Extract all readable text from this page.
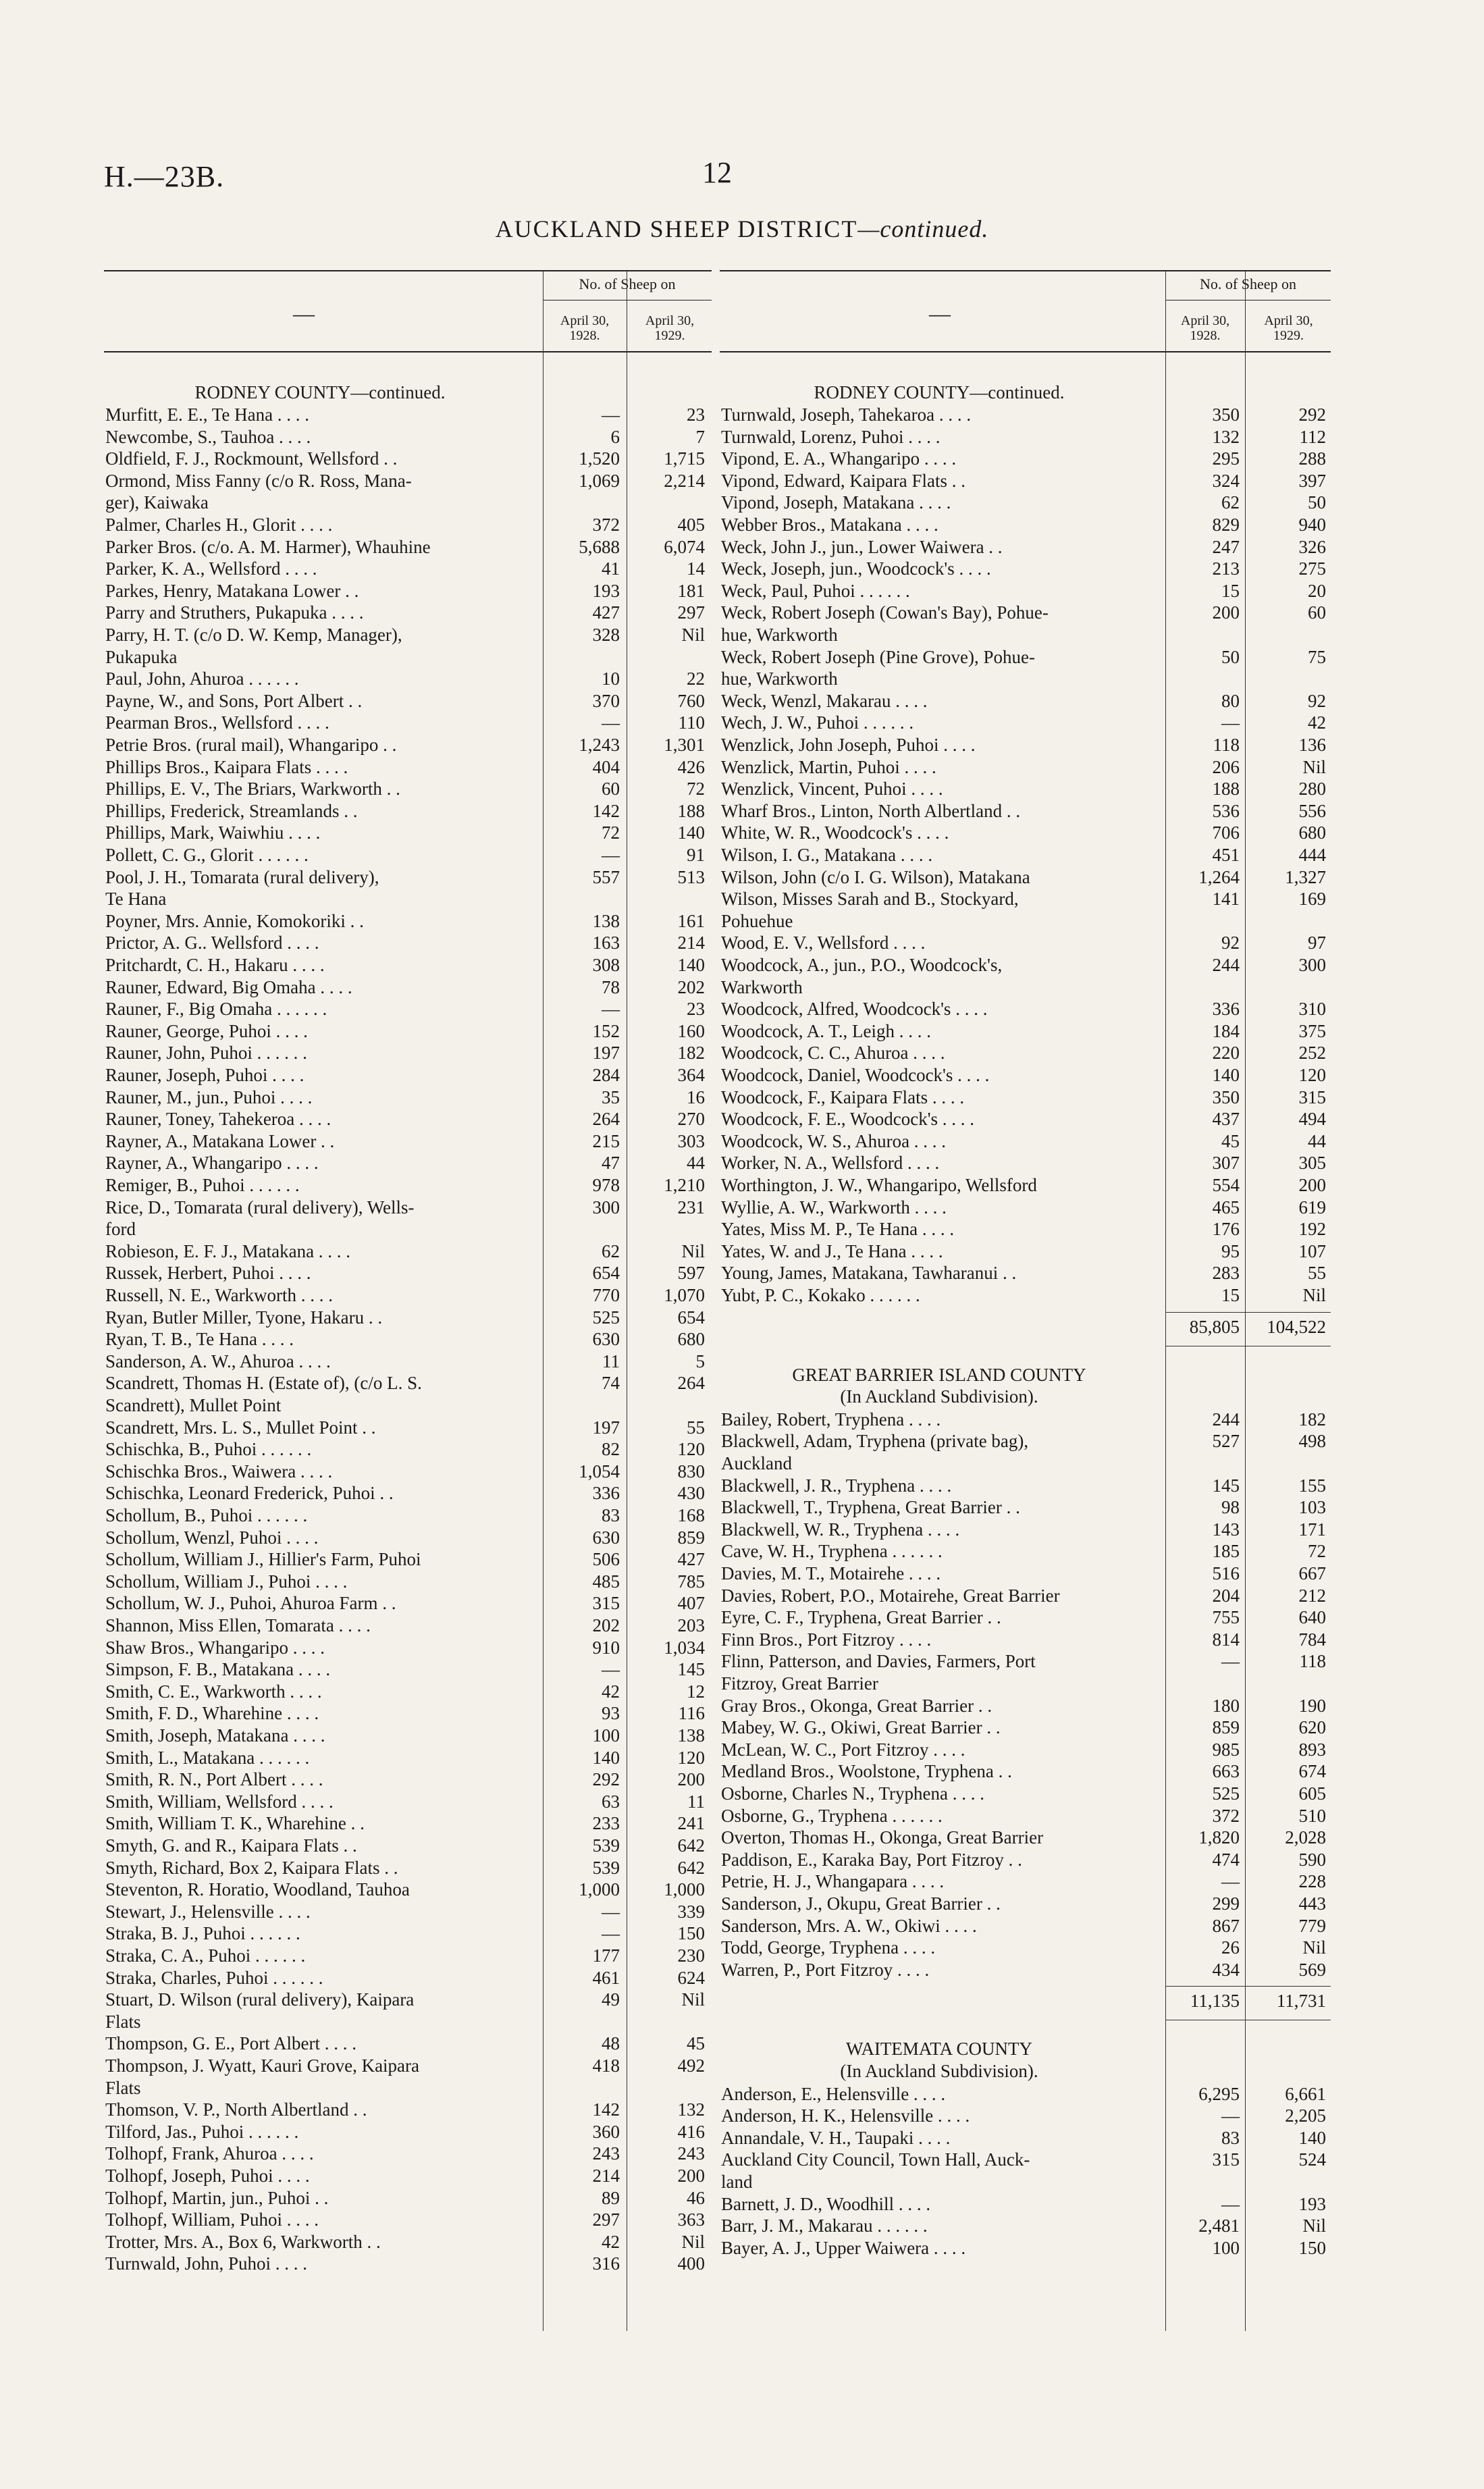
H.—23B.	12
AUCKLAND SHEEP DISTRICT—continued.
—
No. of Sheep on
April 30,
1928.
April 30,
1929.
RODNEY COUNTY—continued.
Murfitt, E. E., Te Hana . . . .	—	23
Newcombe, S., Tauhoa . . . .	6	7
Oldfield, F. J., Rockmount, Wellsford . .	1,520	1,715
Ormond, Miss Fanny (c/o R. Ross, Mana-	1,069	2,214
ger), Kaiwaka
Palmer, Charles H., Glorit . . . .	372	405
Parker Bros. (c/o. A. M. Harmer), Whauhine	5,688	6,074
Parker, K. A., Wellsford . . . .	41	14
Parkes, Henry, Matakana Lower . .	193	181
Parry and Struthers, Pukapuka . . . .	427	297
Parry, H. T. (c/o D. W. Kemp, Manager),	328	Nil
Pukapuka
Paul, John, Ahuroa . . . . . .	10	22
Payne, W., and Sons, Port Albert . .	370	760
Pearman Bros., Wellsford . . . .	—	110
Petrie Bros. (rural mail), Whangaripo . .	1,243	1,301
Phillips Bros., Kaipara Flats . . . .	404	426
Phillips, E. V., The Briars, Warkworth . .	60	72
Phillips, Frederick, Streamlands . .	142	188
Phillips, Mark, Waiwhiu . . . .	72	140
Pollett, C. G., Glorit . . . . . .	—	91
Pool, J. H., Tomarata (rural delivery),	557	513
Te Hana
Poyner, Mrs. Annie, Komokoriki . .	138	161
Prictor, A. G.. Wellsford . . . .	163	214
Pritchardt, C. H., Hakaru . . . .	308	140
Rauner, Edward, Big Omaha . . . .	78	202
Rauner, F., Big Omaha . . . . . .	—	23
Rauner, George, Puhoi . . . .	152	160
Rauner, John, Puhoi . . . . . .	197	182
Rauner, Joseph, Puhoi . . . .	284	364
Rauner, M., jun., Puhoi . . . .	35	16
Rauner, Toney, Tahekeroa . . . .	264	270
Rayner, A., Matakana Lower . .	215	303
Rayner, A., Whangaripo . . . .	47	44
Remiger, B., Puhoi . . . . . .	978	1,210
Rice, D., Tomarata (rural delivery), Wells-	300	231
ford
Robieson, E. F. J., Matakana . . . .	62	Nil
Russek, Herbert, Puhoi . . . .	654	597
Russell, N. E., Warkworth . . . .	770	1,070
Ryan, Butler Miller, Tyone, Hakaru . .	525	654
Ryan, T. B., Te Hana . . . .	630	680
Sanderson, A. W., Ahuroa . . . .	11	5
Scandrett, Thomas H. (Estate of), (c/o L. S.	74	264
Scandrett), Mullet Point
Scandrett, Mrs. L. S., Mullet Point . .	197	55
Schischka, B., Puhoi . . . . . .	82	120
Schischka Bros., Waiwera . . . .	1,054	830
Schischka, Leonard Frederick, Puhoi . .	336	430
Schollum, B., Puhoi . . . . . .	83	168
Schollum, Wenzl, Puhoi . . . .	630	859
Schollum, William J., Hillier's Farm, Puhoi	506	427
Schollum, William J., Puhoi . . . .	485	785
Schollum, W. J., Puhoi, Ahuroa Farm . .	315	407
Shannon, Miss Ellen, Tomarata . . . .	202	203
Shaw Bros., Whangaripo . . . .	910	1,034
Simpson, F. B., Matakana . . . .	—	145
Smith, C. E., Warkworth . . . .	42	12
Smith, F. D., Wharehine . . . .	93	116
Smith, Joseph, Matakana . . . .	100	138
Smith, L., Matakana . . . . . .	140	120
Smith, R. N., Port Albert . . . .	292	200
Smith, William, Wellsford . . . .	63	11
Smith, William T. K., Wharehine . .	233	241
Smyth, G. and R., Kaipara Flats . .	539	642
Smyth, Richard, Box 2, Kaipara Flats . .	539	642
Steventon, R. Horatio, Woodland, Tauhoa	1,000	1,000
Stewart, J., Helensville . . . .	—	339
Straka, B. J., Puhoi . . . . . .	—	150
Straka, C. A., Puhoi . . . . . .	177	230
Straka, Charles, Puhoi . . . . . .	461	624
Stuart, D. Wilson (rural delivery), Kaipara	49	Nil
Flats
Thompson, G. E., Port Albert . . . .	48	45
Thompson, J. Wyatt, Kauri Grove, Kaipara	418	492
Flats
Thomson, V. P., North Albertland . .	142	132
Tilford, Jas., Puhoi . . . . . .	360	416
Tolhopf, Frank, Ahuroa . . . .	243	243
Tolhopf, Joseph, Puhoi . . . .	214	200
Tolhopf, Martin, jun., Puhoi . .	89	46
Tolhopf, William, Puhoi . . . .	297	363
Trotter, Mrs. A., Box 6, Warkworth . .	42	Nil
Turnwald, John, Puhoi . . . .	316	400
—
No. of Sheep on
April 30,
1928.
April 30,
1929.
RODNEY COUNTY—continued.
Turnwald, Joseph, Tahekaroa . . . .	350	292
Turnwald, Lorenz, Puhoi . . . .	132	112
Vipond, E. A., Whangaripo . . . .	295	288
Vipond, Edward, Kaipara Flats . .	324	397
Vipond, Joseph, Matakana . . . .	62	50
Webber Bros., Matakana . . . .	829	940
Weck, John J., jun., Lower Waiwera . .	247	326
Weck, Joseph, jun., Woodcock's . . . .	213	275
Weck, Paul, Puhoi . . . . . .	15	20
Weck, Robert Joseph (Cowan's Bay), Pohue-	200	60
hue, Warkworth
Weck, Robert Joseph (Pine Grove), Pohue-	50	75
hue, Warkworth
Weck, Wenzl, Makarau . . . .	80	92
Wech, J. W., Puhoi . . . . . .	—	42
Wenzlick, John Joseph, Puhoi . . . .	118	136
Wenzlick, Martin, Puhoi . . . .	206	Nil
Wenzlick, Vincent, Puhoi . . . .	188	280
Wharf Bros., Linton, North Albertland . .	536	556
White, W. R., Woodcock's . . . .	706	680
Wilson, I. G., Matakana . . . .	451	444
Wilson, John (c/o I. G. Wilson), Matakana	1,264	1,327
Wilson, Misses Sarah and B., Stockyard,	141	169
Pohuehue
Wood, E. V., Wellsford . . . .	92	97
Woodcock, A., jun., P.O., Woodcock's,	244	300
Warkworth
Woodcock, Alfred, Woodcock's . . . .	336	310
Woodcock, A. T., Leigh . . . .	184	375
Woodcock, C. C., Ahuroa . . . .	220	252
Woodcock, Daniel, Woodcock's . . . .	140	120
Woodcock, F., Kaipara Flats . . . .	350	315
Woodcock, F. E., Woodcock's . . . .	437	494
Woodcock, W. S., Ahuroa . . . .	45	44
Worker, N. A., Wellsford . . . .	307	305
Worthington, J. W., Whangaripo, Wellsford	554	200
Wyllie, A. W., Warkworth . . . .	465	619
Yates, Miss M. P., Te Hana . . . .	176	192
Yates, W. and J., Te Hana . . . .	95	107
Young, James, Matakana, Tawharanui . .	283	55
Yubt, P. C., Kokako . . . . . .	15	Nil
85,805	104,522
GREAT BARRIER ISLAND COUNTY
(In Auckland Subdivision).
Bailey, Robert, Tryphena . . . .	244	182
Blackwell, Adam, Tryphena (private bag),	527	498
Auckland
Blackwell, J. R., Tryphena . . . .	145	155
Blackwell, T., Tryphena, Great Barrier . .	98	103
Blackwell, W. R., Tryphena . . . .	143	171
Cave, W. H., Tryphena . . . . . .	185	72
Davies, M. T., Motairehe . . . .	516	667
Davies, Robert, P.O., Motairehe, Great Barrier	204	212
Eyre, C. F., Tryphena, Great Barrier . .	755	640
Finn Bros., Port Fitzroy . . . .	814	784
Flinn, Patterson, and Davies, Farmers, Port	—	118
Fitzroy, Great Barrier
Gray Bros., Okonga, Great Barrier . .	180	190
Mabey, W. G., Okiwi, Great Barrier . .	859	620
McLean, W. C., Port Fitzroy . . . .	985	893
Medland Bros., Woolstone, Tryphena . .	663	674
Osborne, Charles N., Tryphena . . . .	525	605
Osborne, G., Tryphena . . . . . .	372	510
Overton, Thomas H., Okonga, Great Barrier	1,820	2,028
Paddison, E., Karaka Bay, Port Fitzroy . .	474	590
Petrie, H. J., Whangapara . . . .	—	228
Sanderson, J., Okupu, Great Barrier . .	299	443
Sanderson, Mrs. A. W., Okiwi . . . .	867	779
Todd, George, Tryphena . . . .	26	Nil
Warren, P., Port Fitzroy . . . .	434	569
11,135	11,731
WAITEMATA COUNTY
(In Auckland Subdivision).
Anderson, E., Helensville . . . .	6,295	6,661
Anderson, H. K., Helensville . . . .	—	2,205
Annandale, V. H., Taupaki . . . .	83	140
Auckland City Council, Town Hall, Auck-	315	524
land
Barnett, J. D., Woodhill . . . .	—	193
Barr, J. M., Makarau . . . . . .	2,481	Nil
Bayer, A. J., Upper Waiwera . . . .	100	150
